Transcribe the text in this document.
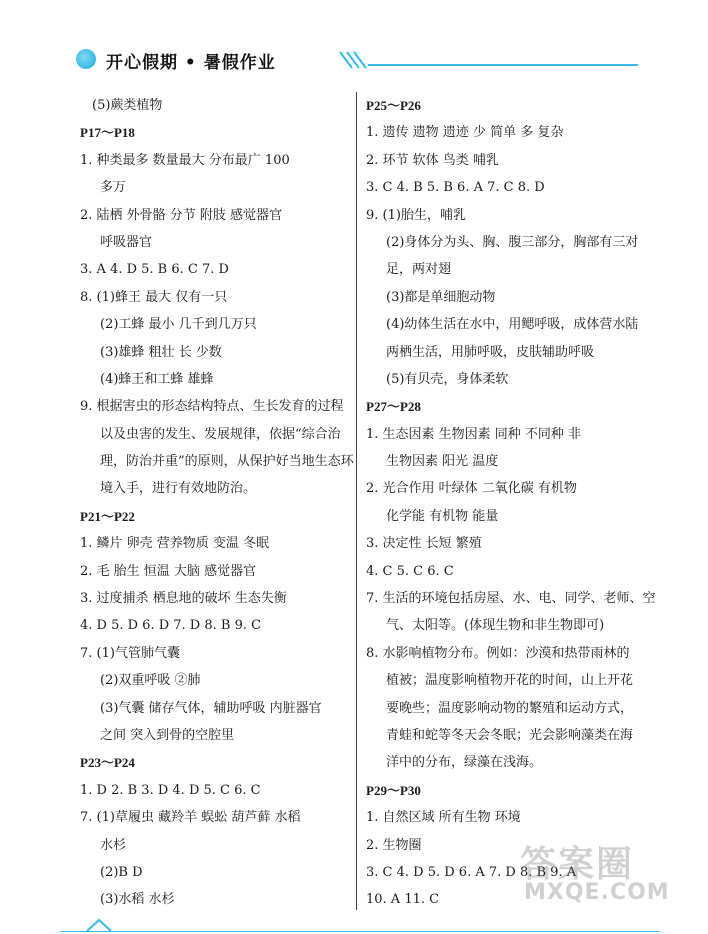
开心假期 • 暑假作业
(5)蕨类植物
P17～P18
1. 种类最多 数量最大 分布最广 100
多万
2. 陆栖 外骨骼 分节 附肢 感觉器官
呼吸器官
3. A 4. D 5. B 6. C 7. D
8. (1)蜂王 最大 仅有一只
(2)工蜂 最小 几千到几万只
(3)雄蜂 粗壮 长 少数
(4)蜂王和工蜂 雄蜂
9. 根据害虫的形态结构特点、生长发育的过程
以及虫害的发生、发展规律，依据“综合治
理，防治并重”的原则，从保护好当地生态环
境入手，进行有效地防治。
P21～P22
1. 鳞片 卵壳 营养物质 变温 冬眠
2. 毛 胎生 恒温 大脑 感觉器官
3. 过度捕杀 栖息地的破坏 生态失衡
4. D 5. D 6. D 7. D 8. B 9. C
7. (1)气管肺气囊
(2)双重呼吸 ②肺
(3)气囊 储存气体，辅助呼吸 内脏器官
之间 突入到骨的空腔里
P23～P24
1. D 2. B 3. D 4. D 5. C 6. C
7. (1)草履虫 藏羚羊 蜈蚣 葫芦藓 水稻
水杉
(2)B D
(3)水稻 水杉
P25～P26
1. 遗传 遗物 遗迹 少 简单 多 复杂
2. 环节 软体 鸟类 哺乳
3. C 4. B 5. B 6. A 7. C 8. D
9. (1)胎生，哺乳
(2)身体分为头、胸、腹三部分，胸部有三对
足，两对翅
(3)都是单细胞动物
(4)幼体生活在水中，用鳃呼吸，成体营水陆
两栖生活，用肺呼吸，皮肤辅助呼吸
(5)有贝壳，身体柔软
P27～P28
1. 生态因素 生物因素 同种 不同种 非
生物因素 阳光 温度
2. 光合作用 叶绿体 二氧化碳 有机物
化学能 有机物 能量
3. 决定性 长短 繁殖
4. C 5. C 6. C
7. 生活的环境包括房屋、水、电、同学、老师、空
气、太阳等。(体现生物和非生物即可)
8. 水影响植物分布。例如：沙漠和热带雨林的
植被；温度影响植物开花的时间，山上开花
要晚些；温度影响动物的繁殖和运动方式，
青蛙和蛇等冬天会冬眠；光会影响藻类在海
洋中的分布，绿藻在浅海。
P29～P30
1. 自然区域 所有生物 环境
2. 生物圈
3. C 4. D 5. D 6. A 7. D 8. B 9. A
10. A 11. C
答案圈
MXQE.COM
